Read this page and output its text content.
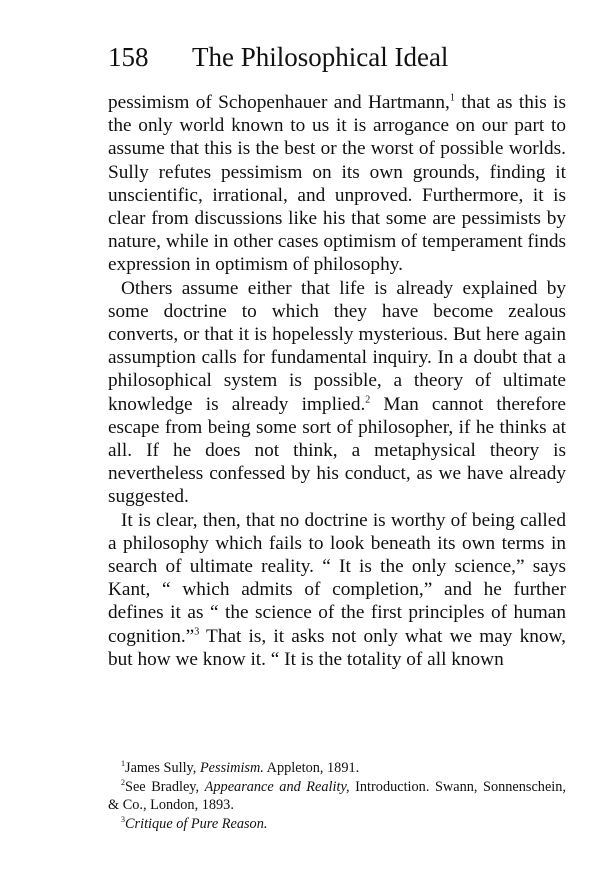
158 The Philosophical Ideal

pessimism of Schopenhauer and Hartmann,$^1$ that as this is the only world known to us it is arrogance on our part to assume that this is the best or the worst of possible worlds. Sully refutes pessimism on its own grounds, finding it unscientific, irrational, and unproved. Furthermore, it is clear from discussions like his that some are pessimists by nature, while in other cases optimism of temperament finds expression in optimism of philosophy.

Others assume either that life is already explained by some doctrine to which they have become zealous converts, or that it is hopelessly mysterious. But here again assumption calls for fundamental inquiry. In a doubt that a philosophical system is possible, a theory of ultimate knowledge is already implied.$^2$ Man cannot therefore escape from being some sort of philosopher, if he thinks at all. If he does not think, a metaphysical theory is nevertheless confessed by his conduct, as we have already suggested.

It is clear, then, that no doctrine is worthy of being called a philosophy which fails to look beneath its own terms in search of ultimate reality. “ It is the only science,” says Kant, “ which admits of completion,” and he further defines it as “ the science of the first principles of human cognition.”$^3$ That is, it asks not only what we may know, but how we know it. “ It is the totality of all known

$^1$James Sully, Pessimism. Appleton, 1891.

$^2$See Bradley, Appearance and Reality, Introduction. Swann, Sonnenschein, & Co., London, 1893.

$^3$Critique of Pure Reason.
